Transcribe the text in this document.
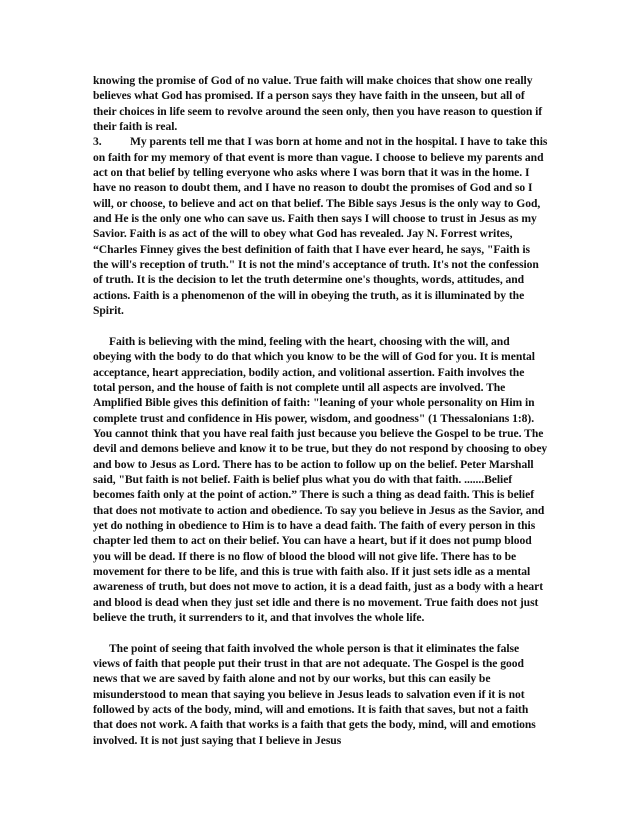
knowing the promise of God of no value. True faith will make choices that show one really believes what God has promised. If a person says they have faith in the unseen, but all of their choices in life seem to revolve around the seen only, then you have reason to question if their faith is real.

3. My parents tell me that I was born at home and not in the hospital. I have to take this on faith for my memory of that event is more than vague. I choose to believe my parents and act on that belief by telling everyone who asks where I was born that it was in the home. I have no reason to doubt them, and I have no reason to doubt the promises of God and so I will, or choose, to believe and act on that belief. The Bible says Jesus is the only way to God, and He is the only one who can save us. Faith then says I will choose to trust in Jesus as my Savior. Faith is as act of the will to obey what God has revealed. Jay N. Forrest writes, “Charles Finney gives the best definition of faith that I have ever heard, he says, "Faith is the will's reception of truth." It is not the mind's acceptance of truth. It's not the confession of truth. It is the decision to let the truth determine one's thoughts, words, attitudes, and actions. Faith is a phenomenon of the will in obeying the truth, as it is illuminated by the Spirit.

Faith is believing with the mind, feeling with the heart, choosing with the will, and obeying with the body to do that which you know to be the will of God for you. It is mental acceptance, heart appreciation, bodily action, and volitional assertion. Faith involves the total person, and the house of faith is not complete until all aspects are involved. The Amplified Bible gives this definition of faith: "leaning of your whole personality on Him in complete trust and confidence in His power, wisdom, and goodness" (1 Thessalonians 1:8). You cannot think that you have real faith just because you believe the Gospel to be true. The devil and demons believe and know it to be true, but they do not respond by choosing to obey and bow to Jesus as Lord. There has to be action to follow up on the belief. Peter Marshall said, "But faith is not belief. Faith is belief plus what you do with that faith. .......Belief becomes faith only at the point of action.” There is such a thing as dead faith. This is belief that does not motivate to action and obedience. To say you believe in Jesus as the Savior, and yet do nothing in obedience to Him is to have a dead faith. The faith of every person in this chapter led them to act on their belief. You can have a heart, but if it does not pump blood you will be dead. If there is no flow of blood the blood will not give life. There has to be movement for there to be life, and this is true with faith also. If it just sets idle as a mental awareness of truth, but does not move to action, it is a dead faith, just as a body with a heart and blood is dead when they just set idle and there is no movement. True faith does not just believe the truth, it surrenders to it, and that involves the whole life.

The point of seeing that faith involved the whole person is that it eliminates the false views of faith that people put their trust in that are not adequate. The Gospel is the good news that we are saved by faith alone and not by our works, but this can easily be misunderstood to mean that saying you believe in Jesus leads to salvation even if it is not followed by acts of the body, mind, will and emotions. It is faith that saves, but not a faith that does not work. A faith that works is a faith that gets the body, mind, will and emotions involved. It is not just saying that I believe in Jesus
